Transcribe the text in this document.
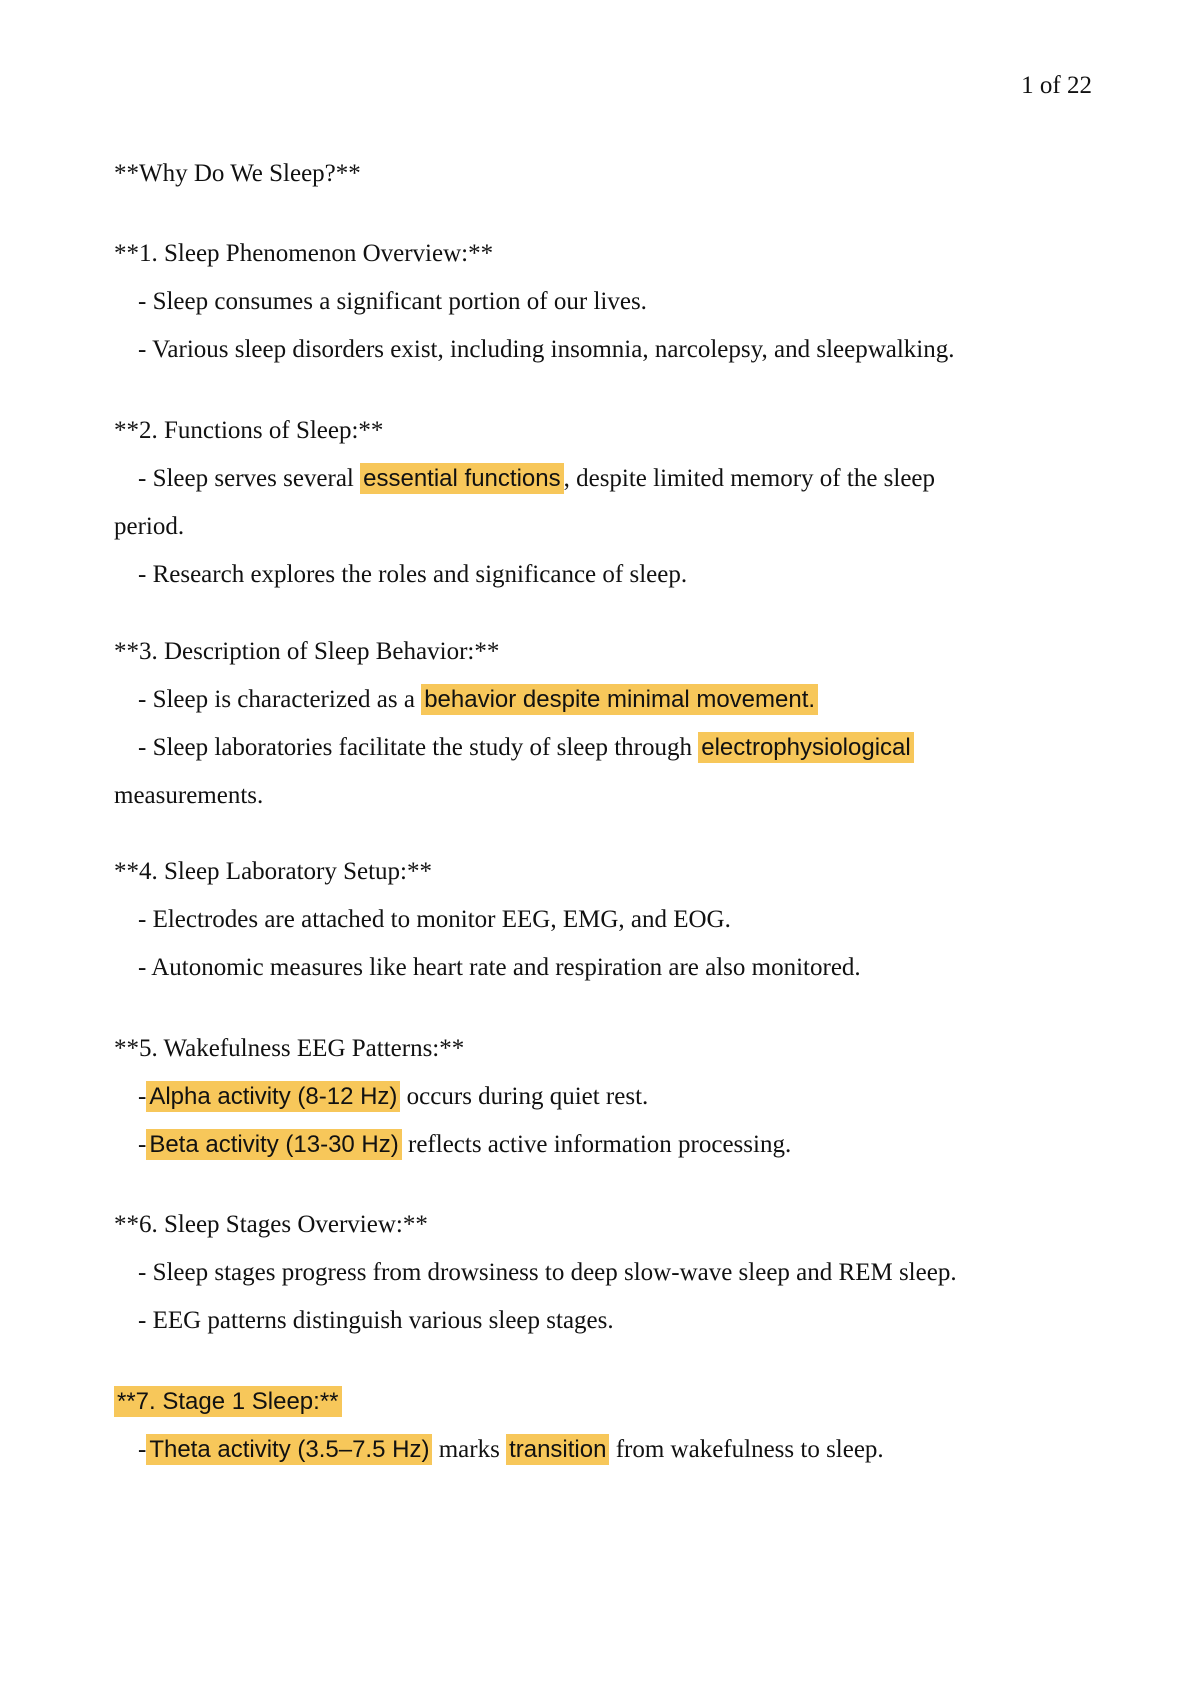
1 of 22
**Why Do We Sleep?**
**1. Sleep Phenomenon Overview:**
- Sleep consumes a significant portion of our lives.
- Various sleep disorders exist, including insomnia, narcolepsy, and sleepwalking.
**2. Functions of Sleep:**
- Sleep serves several essential functions , despite limited memory of the sleep
period.
- Research explores the roles and significance of sleep.
**3. Description of Sleep Behavior:**
- Sleep is characterized as a behavior despite minimal movement.
- Sleep laboratories facilitate the study of sleep through electrophysiological
measurements.
**4. Sleep Laboratory Setup:**
- Electrodes are attached to monitor EEG, EMG, and EOG.
- Autonomic measures like heart rate and respiration are also monitored.
**5. Wakefulness EEG Patterns:**
- Alpha activity (8-12 Hz) occurs during quiet rest.
- Beta activity (13-30 Hz) reflects active information processing.
**6. Sleep Stages Overview:**
- Sleep stages progress from drowsiness to deep slow-wave sleep and REM sleep.
- EEG patterns distinguish various sleep stages.
**7. Stage 1 Sleep:**
- Theta activity (3.5–7.5 Hz) marks transition from wakefulness to sleep.
